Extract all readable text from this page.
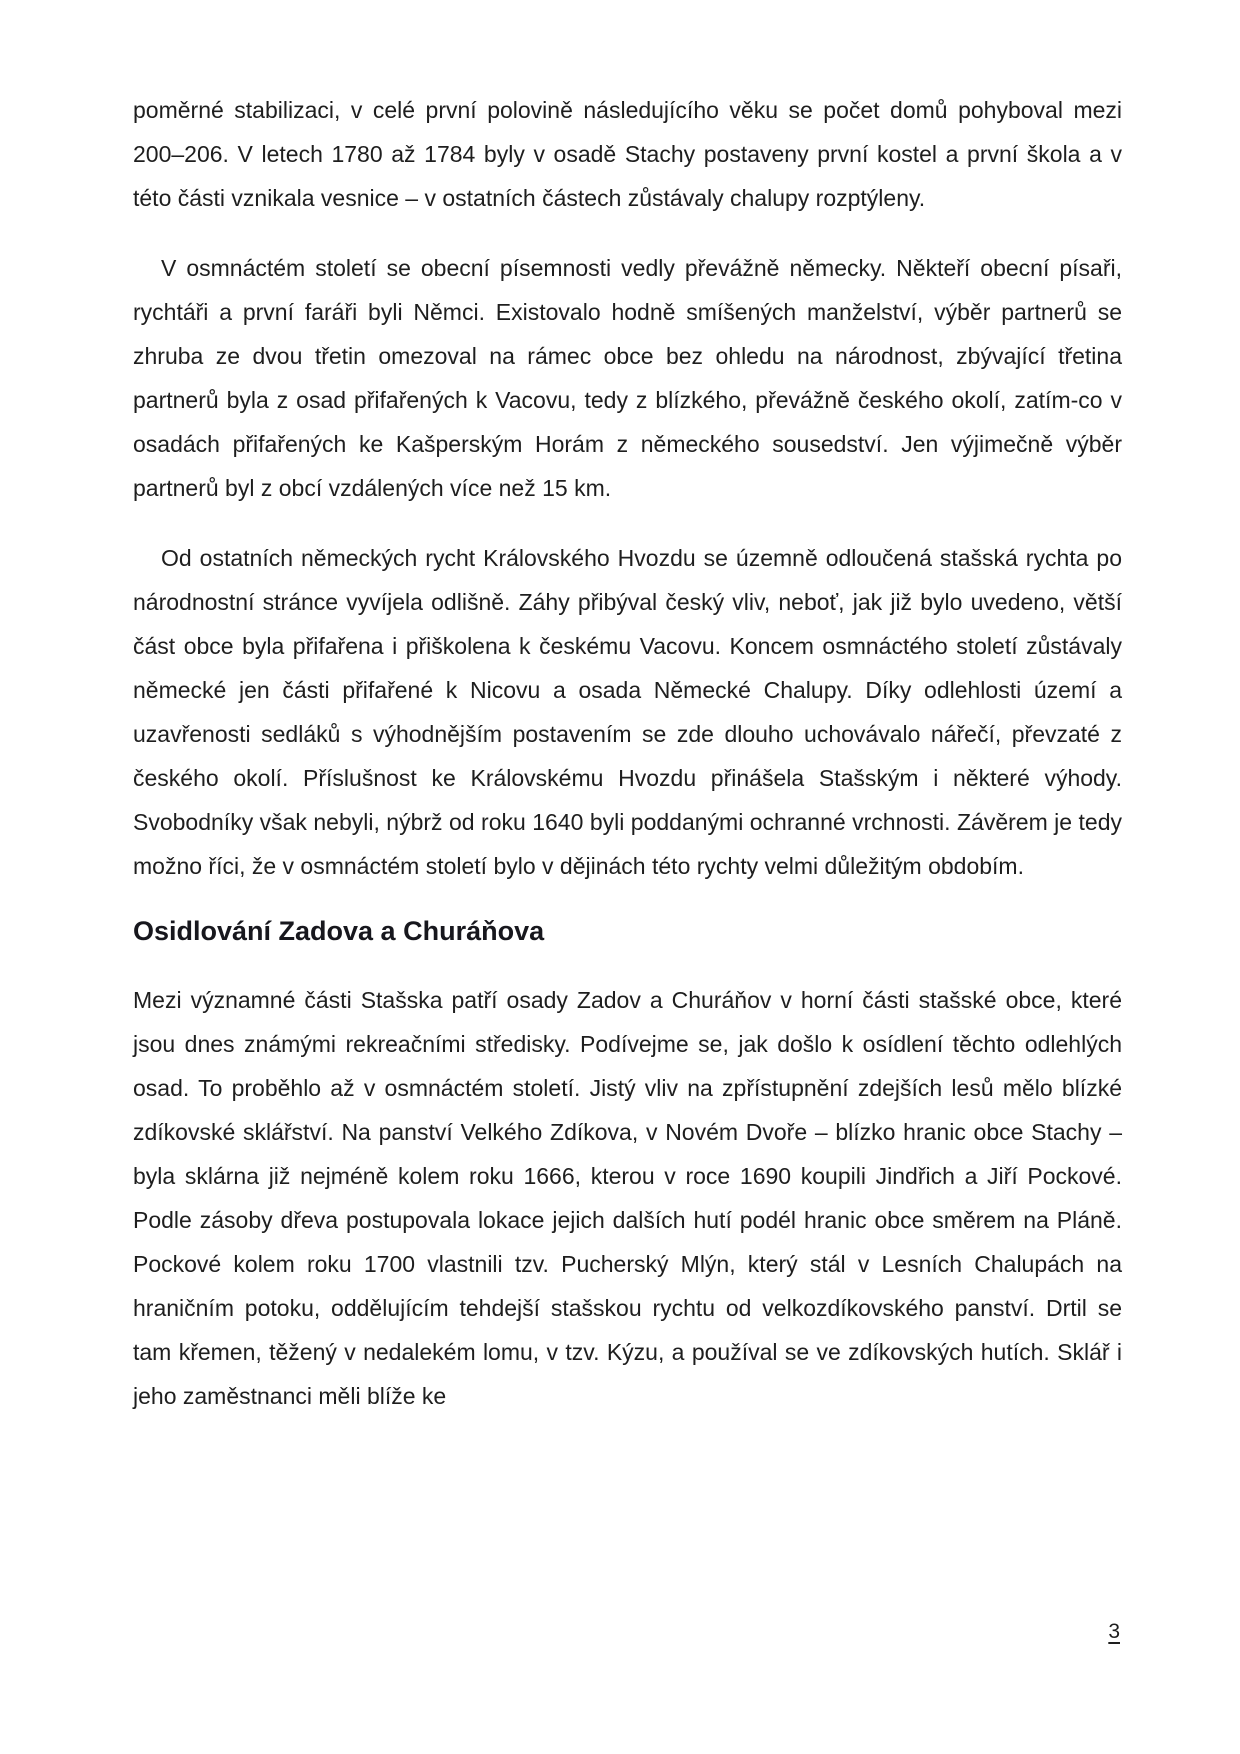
poměrné stabilizaci, v celé první polovině následujícího věku se počet domů pohyboval mezi 200–206. V letech 1780 až 1784 byly v osadě Stachy postaveny první kostel a první škola a v této části vznikala vesnice – v ostatních částech zůstávaly chalupy rozptýleny.

V osmnáctém století se obecní písemnosti vedly převážně německy. Někteří obecní písaři, rychtáři a první faráři byli Němci. Existovalo hodně smíšených manželství, výběr partnerů se zhruba ze dvou třetin omezoval na rámec obce bez ohledu na národnost, zbývající třetina partnerů byla z osad přifařených k Vacovu, tedy z blízkého, převážně českého okolí, zatím-co v osadách přifařených ke Kašperským Horám z německého sousedství. Jen výjimečně výběr partnerů byl z obcí vzdálených více než 15 km.

Od ostatních německých rycht Královského Hvozdu se územně odloučená stašská rychta po národnostní stránce vyvíjela odlišně. Záhy přibýval český vliv, neboť, jak již bylo uvedeno, větší část obce byla přifařena i přiškolena k českému Vacovu. Koncem osmnáctého století zůstávaly německé jen části přifařené k Nicovu a osada Německé Chalupy. Díky odlehlosti území a uzavřenosti sedláků s výhodnějším postavením se zde dlouho uchovávalo nářečí, převzaté z českého okolí. Příslušnost ke Královskému Hvozdu přinášela Stašským i některé výhody. Svobodníky však nebyli, nýbrž od roku 1640 byli poddanými ochranné vrchnosti. Závěrem je tedy možno říci, že v osmnáctém století bylo v dějinách této rychty velmi důležitým obdobím.

Osidlování Zadova a Churáňova

Mezi významné části Stašska patří osady Zadov a Churáňov v horní části stašské obce, které jsou dnes známými rekreačními středisky. Podívejme se, jak došlo k osídlení těchto odlehlých osad. To proběhlo až v osmnáctém století. Jistý vliv na zpřístupnění zdejších lesů mělo blízké zdíkovské sklářství. Na panství Velkého Zdíkova, v Novém Dvoře – blízko hranic obce Stachy – byla sklárna již nejméně kolem roku 1666, kterou v roce 1690 koupili Jindřich a Jiří Pockové. Podle zásoby dřeva postupovala lokace jejich dalších hutí podél hranic obce směrem na Pláně. Pockové kolem roku 1700 vlastnili tzv. Pucherský Mlýn, který stál v Lesních Chalupách na hraničním potoku, oddělujícím tehdejší stašskou rychtu od velkozdíkovského panství. Drtil se tam křemen, těžený v nedalekém lomu, v tzv. Kýzu, a používal se ve zdíkovských hutích. Sklář i jeho zaměstnanci měli blíže ke

3
